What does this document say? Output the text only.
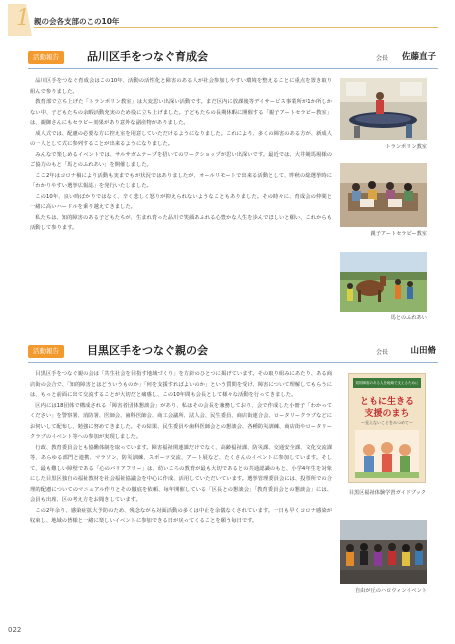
1 親の会各支部のこの10年
活動報告	品川区手をつなぐ育成会	会長 佐藤直子

品川区手をつなぐ育成会はこの10年、活動の活性化と障害のある人が社会参加しやすい環境を整えることに重点を置き取り組んで参りました。

教育部で立ち上げた「トランポリン教室」は大変思い出深い活動です。まだ区内に放課後等デイサービス事業所が1か所しかない中、子どもたちの余暇活動充実のため役に立ち上げました。子どもたちの長期休暇に開催する「親子アートセラピー教室」は、親御さんにもセラピー効果があり意外な副産物がありました。

成人式では、配慮の必要な方に控え室を用意していただけるようになりました。これにより、多くの障害のある方が、新成人の一人として式に参列することが出来るようになりました。

みんなで楽しめるイベントでは、サルサガムテープを招いてのワークショップが思い出深いです。最近では、大井競馬場様のご協力のもと「馬とのふれあい」を開催しました。

ここ2年はコロナ禍により活動も実までもが状況ではありましたが、オールリモートで出来る活動として、昨秋の総選挙時に「わかりやすい選挙広報誌」を発行いたしました。

この10年、良い時ばかりではなく、辛く悲しく怒りが抑えられないようなこともありました。その時々に、育成会の仲間と一緒に高いハードルを乗り越えてきました。

私たちは、知的障害のある子どもたちが、生まれ育った品川で笑顔あふれる心豊かな人生を歩んでほしいと願い、これからも活動して参ります。

トランポリン教室
親子アートセラピー教室
馬とのふれあい
活動報告	目黒区手をつなぐ親の会	会長	山田脩

目黒区手をつなぐ親の会は「共生社会を目指す地域づくり」を方針のひとつに掲げています。その取り組みにあたり、ある商店街の会合で、「知的障害とはどういうものか」「何を支援すればよいのか」という質問を受け、障害について理解してもらうには、もっと前面に出て交流することが大切だと痛感し、この10年間も会長として様々な活動を行ってきました。

区内には18団体で構成される「障害者団体懇談会」があり、私はその会長を兼務しており、会で作成した小冊子「わかってください」を警察署、消防署、医師会、歯科医師会、商工会議所、法人会、民生委員、商店街連合会、ロータリークラブなどにお伺いして配布し、勉強に努めてきました。その結果、民生委員や歯科医師会との懇談会、各種防災訓練、商店街やロータリークラブのイベント等への参加が実現しました。

行政、教育委員会とも協働体制を取っています。障害福祉関連課だけでなく、高齢福祉課、防災課、交通安全課、文化交流課等、あらゆる部門と連携、マラソン、防災訓練、スポーツ交流、アート展など、たくさんのイベントに参加しています。そして、最も難しい障壁である「心のバリアフリー」は、幼いころの教育が最も大切であるとの共通認識のもと、小学4年生を対象にした目黒区独自の福祉教材を社会福祉協議会を中心に作成、活用していただいています。選挙管理委員会には、投票所での合理的配慮についてのマニュアル作りとその徹底を依頼、毎年開催している「区長との懇談会」「教育委員会との懇談会」には、会員も出席、区の考え方をお聞きしています。

この2年余り、感染症拡大予防のため、残念ながら対面活動の多くは中止を余儀なくされています。一日も早くコロナ感染が収束し、地域の皆様と一緒に楽しいイベントに参加できる日が戻ってくることを願う毎日です。

知的障害のある人を地域で支えるために
ともに生きる
支援のまち
～見えないことをみつめて～
目黒区福祉体験学習ガイドブック
自由が丘のハロウィンイベント
022
